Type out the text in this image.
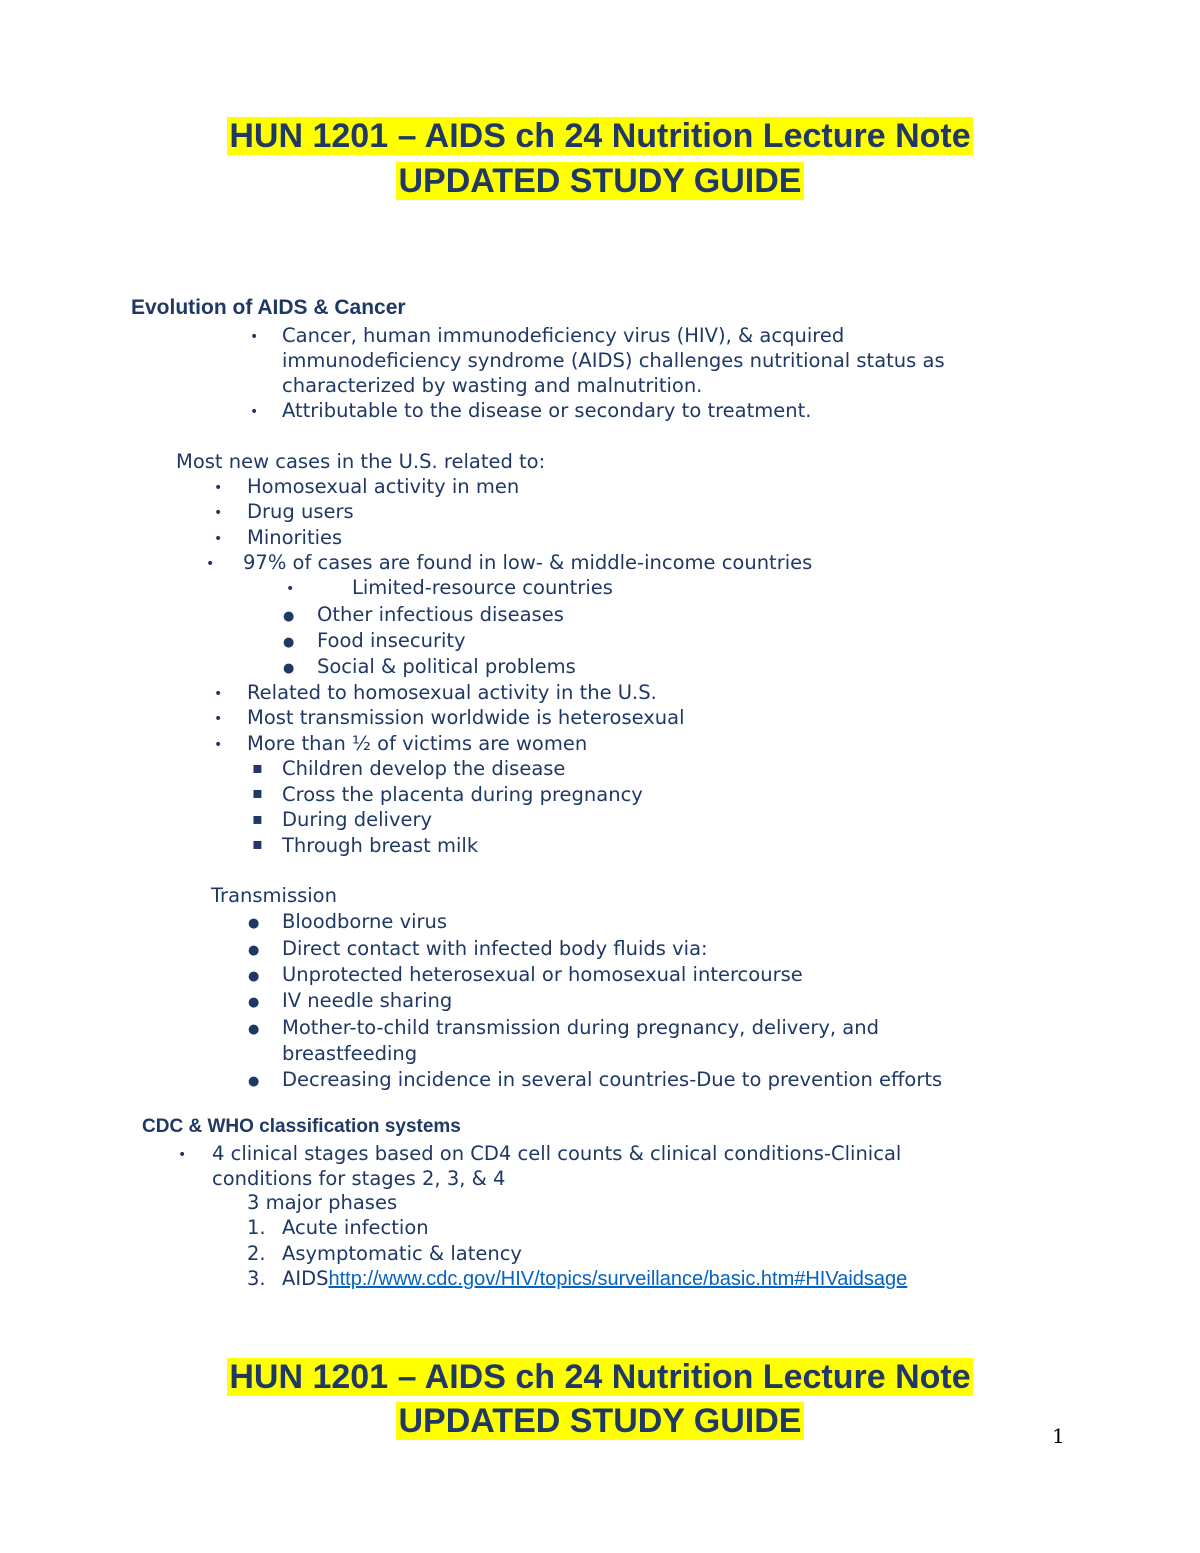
HUN 1201 – AIDS ch 24 Nutrition Lecture Note
UPDATED STUDY GUIDE
Evolution of AIDS & Cancer
•
Cancer, human immunodeficiency virus (HIV), & acquired
immunodeficiency syndrome (AIDS) challenges nutritional status as
characterized by wasting and malnutrition.
•
Attributable to the disease or secondary to treatment.
Most new cases in the U.S. related to:
•
Homosexual activity in men
•
Drug users
•
Minorities
•
97% of cases are found in low- & middle-income countries
•
Limited-resource countries
●
Other infectious diseases
●
Food insecurity
●
Social & political problems
•
Related to homosexual activity in the U.S.
•
Most transmission worldwide is heterosexual
•
More than ½ of victims are women
▪
Children develop the disease
▪
Cross the placenta during pregnancy
▪
During delivery
▪
Through breast milk
Transmission
●
Bloodborne virus
●
Direct contact with infected body fluids via:
●
Unprotected heterosexual or homosexual intercourse
●
IV needle sharing
●
Mother-to-child transmission during pregnancy, delivery, and
breastfeeding
●
Decreasing incidence in several countries-Due to prevention efforts
CDC & WHO classification systems
•
4 clinical stages based on CD4 cell counts & clinical conditions-Clinical
conditions for stages 2, 3, & 4
3 major phases
1. Acute infection
2. Asymptomatic & latency
3. AIDShttp://www.cdc.gov/HIV/topics/surveillance/basic.htm#HIVaidsage
HUN 1201 – AIDS ch 24 Nutrition Lecture Note
UPDATED STUDY GUIDE	1
